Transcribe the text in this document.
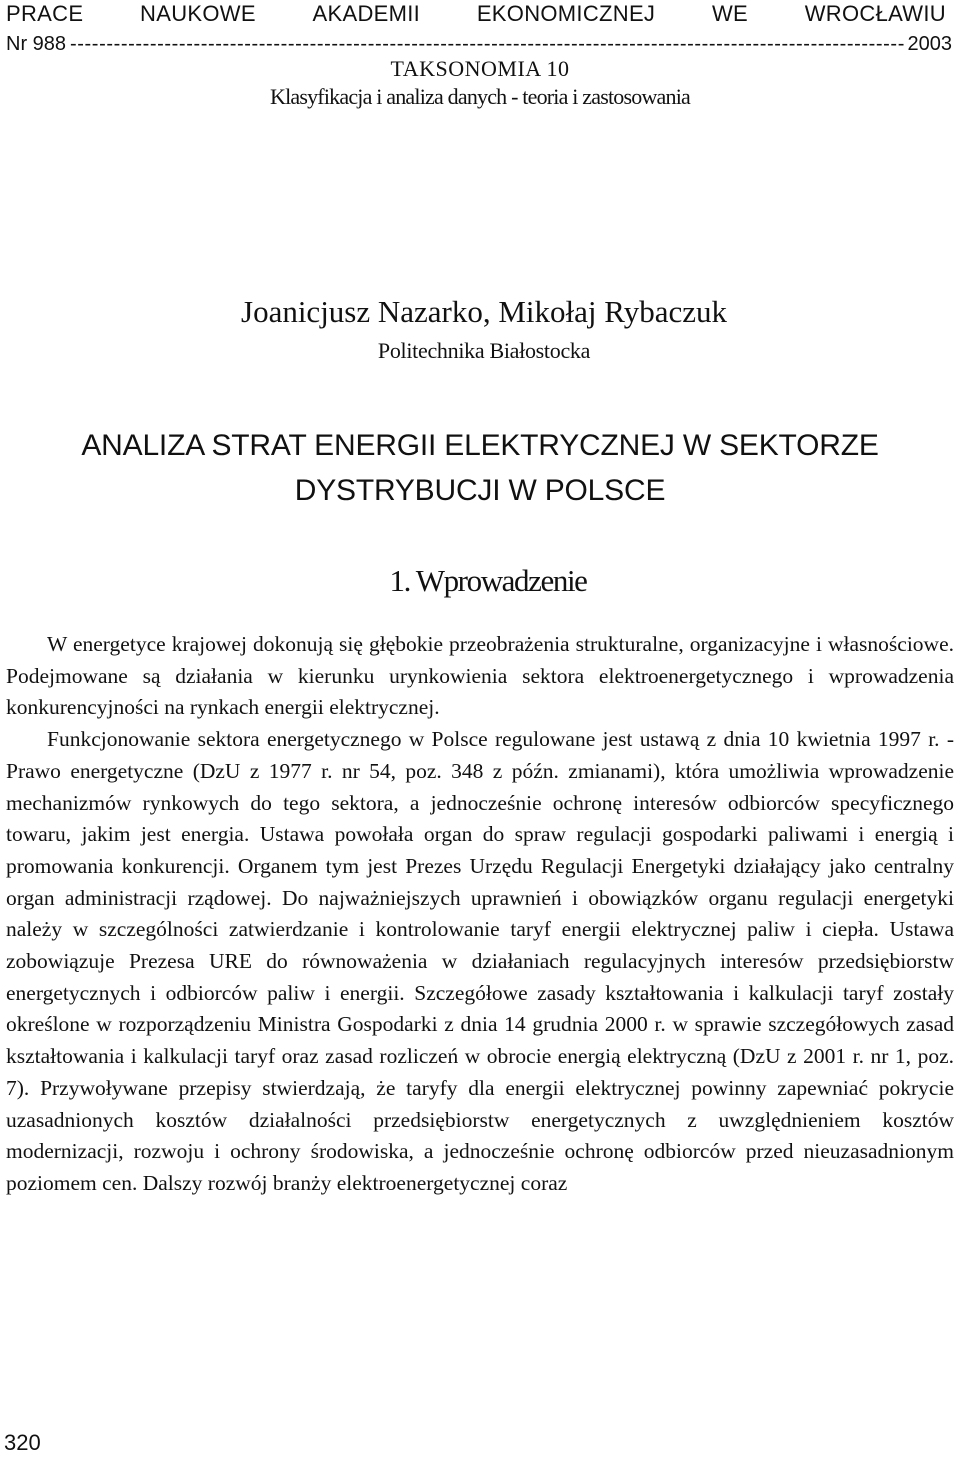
PRACE	NAUKOWE	AKADEMII	EKONOMICZNEJ	WE	WROCŁAWIU
Nr 988
-----	2003
TAKSONOMIA 10
Klasyfikacja i analiza danych - teoria i zastosowania
Joanicjusz Nazarko, Mikołaj Rybaczuk
Politechnika Białostocka
ANALIZA STRAT ENERGII ELEKTRYCZNEJ W SEKTORZE
DYSTRYBUCJI W POLSCE
1. Wprowadzenie

W energetyce krajowej dokonują się głębokie przeobrażenia strukturalne, organizacyjne i własnościowe. Podejmowane są działania w kierunku urynkowienia sektora elektroenergetycznego i wprowadzenia konkurencyjności na rynkach energii elektrycznej.

Funkcjonowanie sektora energetycznego w Polsce regulowane jest ustawą z dnia 10 kwietnia 1997 r. - Prawo energetyczne (DzU z 1977 r. nr 54, poz. 348 z późn. zmianami), która umożliwia wprowadzenie mechanizmów rynkowych do tego sektora, a jednocześnie ochronę interesów odbiorców specyficznego towaru, jakim jest energia. Ustawa powołała organ do spraw regulacji gospodarki paliwami i energią i promowania konkurencji. Organem tym jest Prezes Urzędu Regulacji Energetyki działający jako centralny organ administracji rządowej. Do najważniejszych uprawnień i obowiązków organu regulacji energetyki należy w szczególności zatwierdzanie i kontrolowanie taryf energii elektrycznej paliw i ciepła. Ustawa zobowiązuje Prezesa URE do równoważenia w działaniach regulacyjnych interesów przedsiębiorstw energetycznych i odbiorców paliw i energii. Szczegółowe zasady kształtowania i kalkulacji taryf zostały określone w rozporządzeniu Ministra Gospodarki z dnia 14 grudnia 2000 r. w sprawie szczegółowych zasad kształtowania i kalkulacji taryf oraz zasad rozliczeń w obrocie energią elektryczną (DzU z 2001 r. nr 1, poz. 7). Przywoływane przepisy stwierdzają, że taryfy dla energii elektrycznej powinny zapewniać pokrycie uzasadnionych kosztów działalności przedsiębiorstw energetycznych z uwzględnieniem kosztów modernizacji, rozwoju i ochrony środowiska, a jednocześnie ochronę odbiorców przed nieuzasadnionym poziomem cen. Dalszy rozwój branży elektroenergetycznej coraz

320
